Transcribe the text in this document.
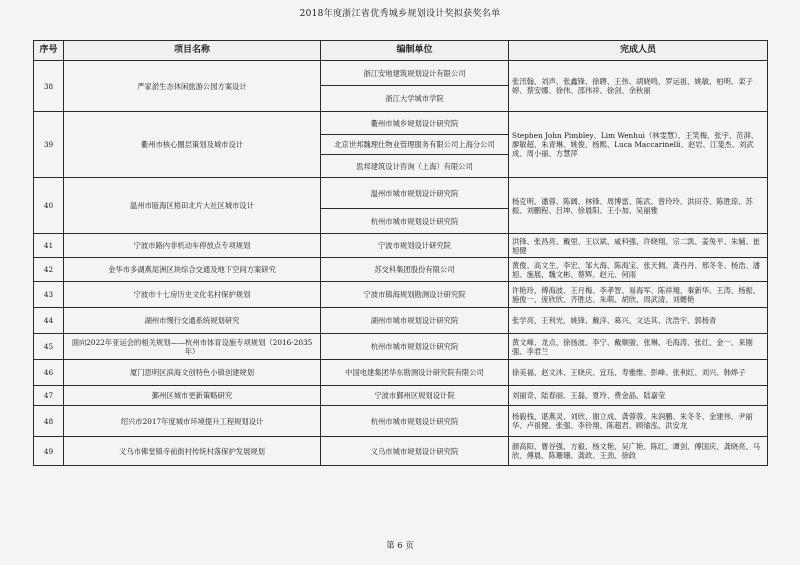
2018年度浙江省优秀城乡规划设计奖拟获奖名单
序号	项目名称	编制单位	完成人员
38	严家淤生态休闲旅游公园方案设计	浙江安地建筑规划设计有限公司	张汛翰、刘声、张鑫锋、徐聘、王伟、胡晓鸣、罗运祖、姚敏、柏明、栾子婷、蔡安娜、徐伟、邵伟祥、徐剑、余秋丽
		浙江大学城市学院	
39	衢州市核心圈层策划及城市设计	衢州市城乡规划设计研究院	Stephen John Pimbley、Lim Wenhui（林雯慧）、王笑梅、张宇、范湃、廖敏超、朱青琳、姚俊、杨熙、Luca Maccarinelli、赵岩、江斐杰、刘武成、周小丽、方慧萍
		北京世邦魏理仕物业管理服务有限公司上海分公司	
		思邦建筑设计咨询（上海）有限公司	
40	温州市瓯海区梧田北片大社区城市设计	温州市城市规划设计研究院	杨克明、潘蓉、陈阔、林锋、周博雷、陈武、曾玲玲、洪田芬、陈胜琼、苏振、刘鹏程、吕坤、徐晨阳、王小加、吴丽雅
		杭州市城市规划设计研究院	
41	宁波市路内非机动车停放点专项规划	宁波市规划设计研究院	洪锋、张昌亮、戴里、王以斌、咸科强、许晓翔、宗二凯、姜兔平、朱辅、崔旭健
42	金华市多湖燕尾洲区块综合交通及地下空间方案研究	苏交科集团股份有限公司	黄俊、高文生、李宏、邹大海、陈海宝、张天倜、龚丹丹、邢冬冬、杨浩、潘旭、施展、魏文彬、蔡辉、赵元、何雨
43	宁波市十七房历史文化名村保护规划	宁波市镇海规划勘测设计研究院	许艳玲、傅海波、王月梅、李孝智、易海军、陈祥翔、秦新华、王涛、杨振、施俊一、庞欣欣、齐胜达、朱萌、胡欣、周武清、刘姗艳
44	湖州市慢行交通系统规划研究	湖州市城市规划设计研究院	张学亮、王利光、姚锋、戴洋、葛兴、文达其、沈浩宇、郭杨青
45	面向2022年亚运会的相关规划——杭州市体育设施专项规划（2016-2035年）	杭州市城市规划设计研究院	黄文峰、龙点、徐扬波、李宁、戴顺骏、张琳、毛海涛、张红、金一、来刚强、李君兰
46	厦门思明区滨海文创特色小镇创建规划	中国电建集团华东勘测设计研究院有限公司	徐美福、赵文沐、王晓庆、宜珏、寿雅维、彭峰、张利红、刘兴、韩烨子
47	鄞州区城市更新策略研究	宁波市鄞州区规划设计院	刘丽奇、陆春丽、王磊、夏玲、费金晶、陆嘉莹
48	绍兴市2017年度城市环境提升工程规划设计	杭州市城市规划设计研究院	杨毅栈、谌燕灵、刘欣、谢立成、龚蓉蓉、朱润鹏、朱冬冬、金建伟、尹丽华、卢祖健、张强、李铃翔、陈超君、顾瑜泓、洪安龙
49	义乌市佛堂镇寺前街村传统村落保护发展规划	义乌市城市规划设计研究院	颜高阳、曹谷强、方毅、杨文艳、吴广艳、陈红、谭剑、傅国庆、龚晓亮、马欣、傅晨、陈珊珊、龚政、王劲、徐政
第 6 页
